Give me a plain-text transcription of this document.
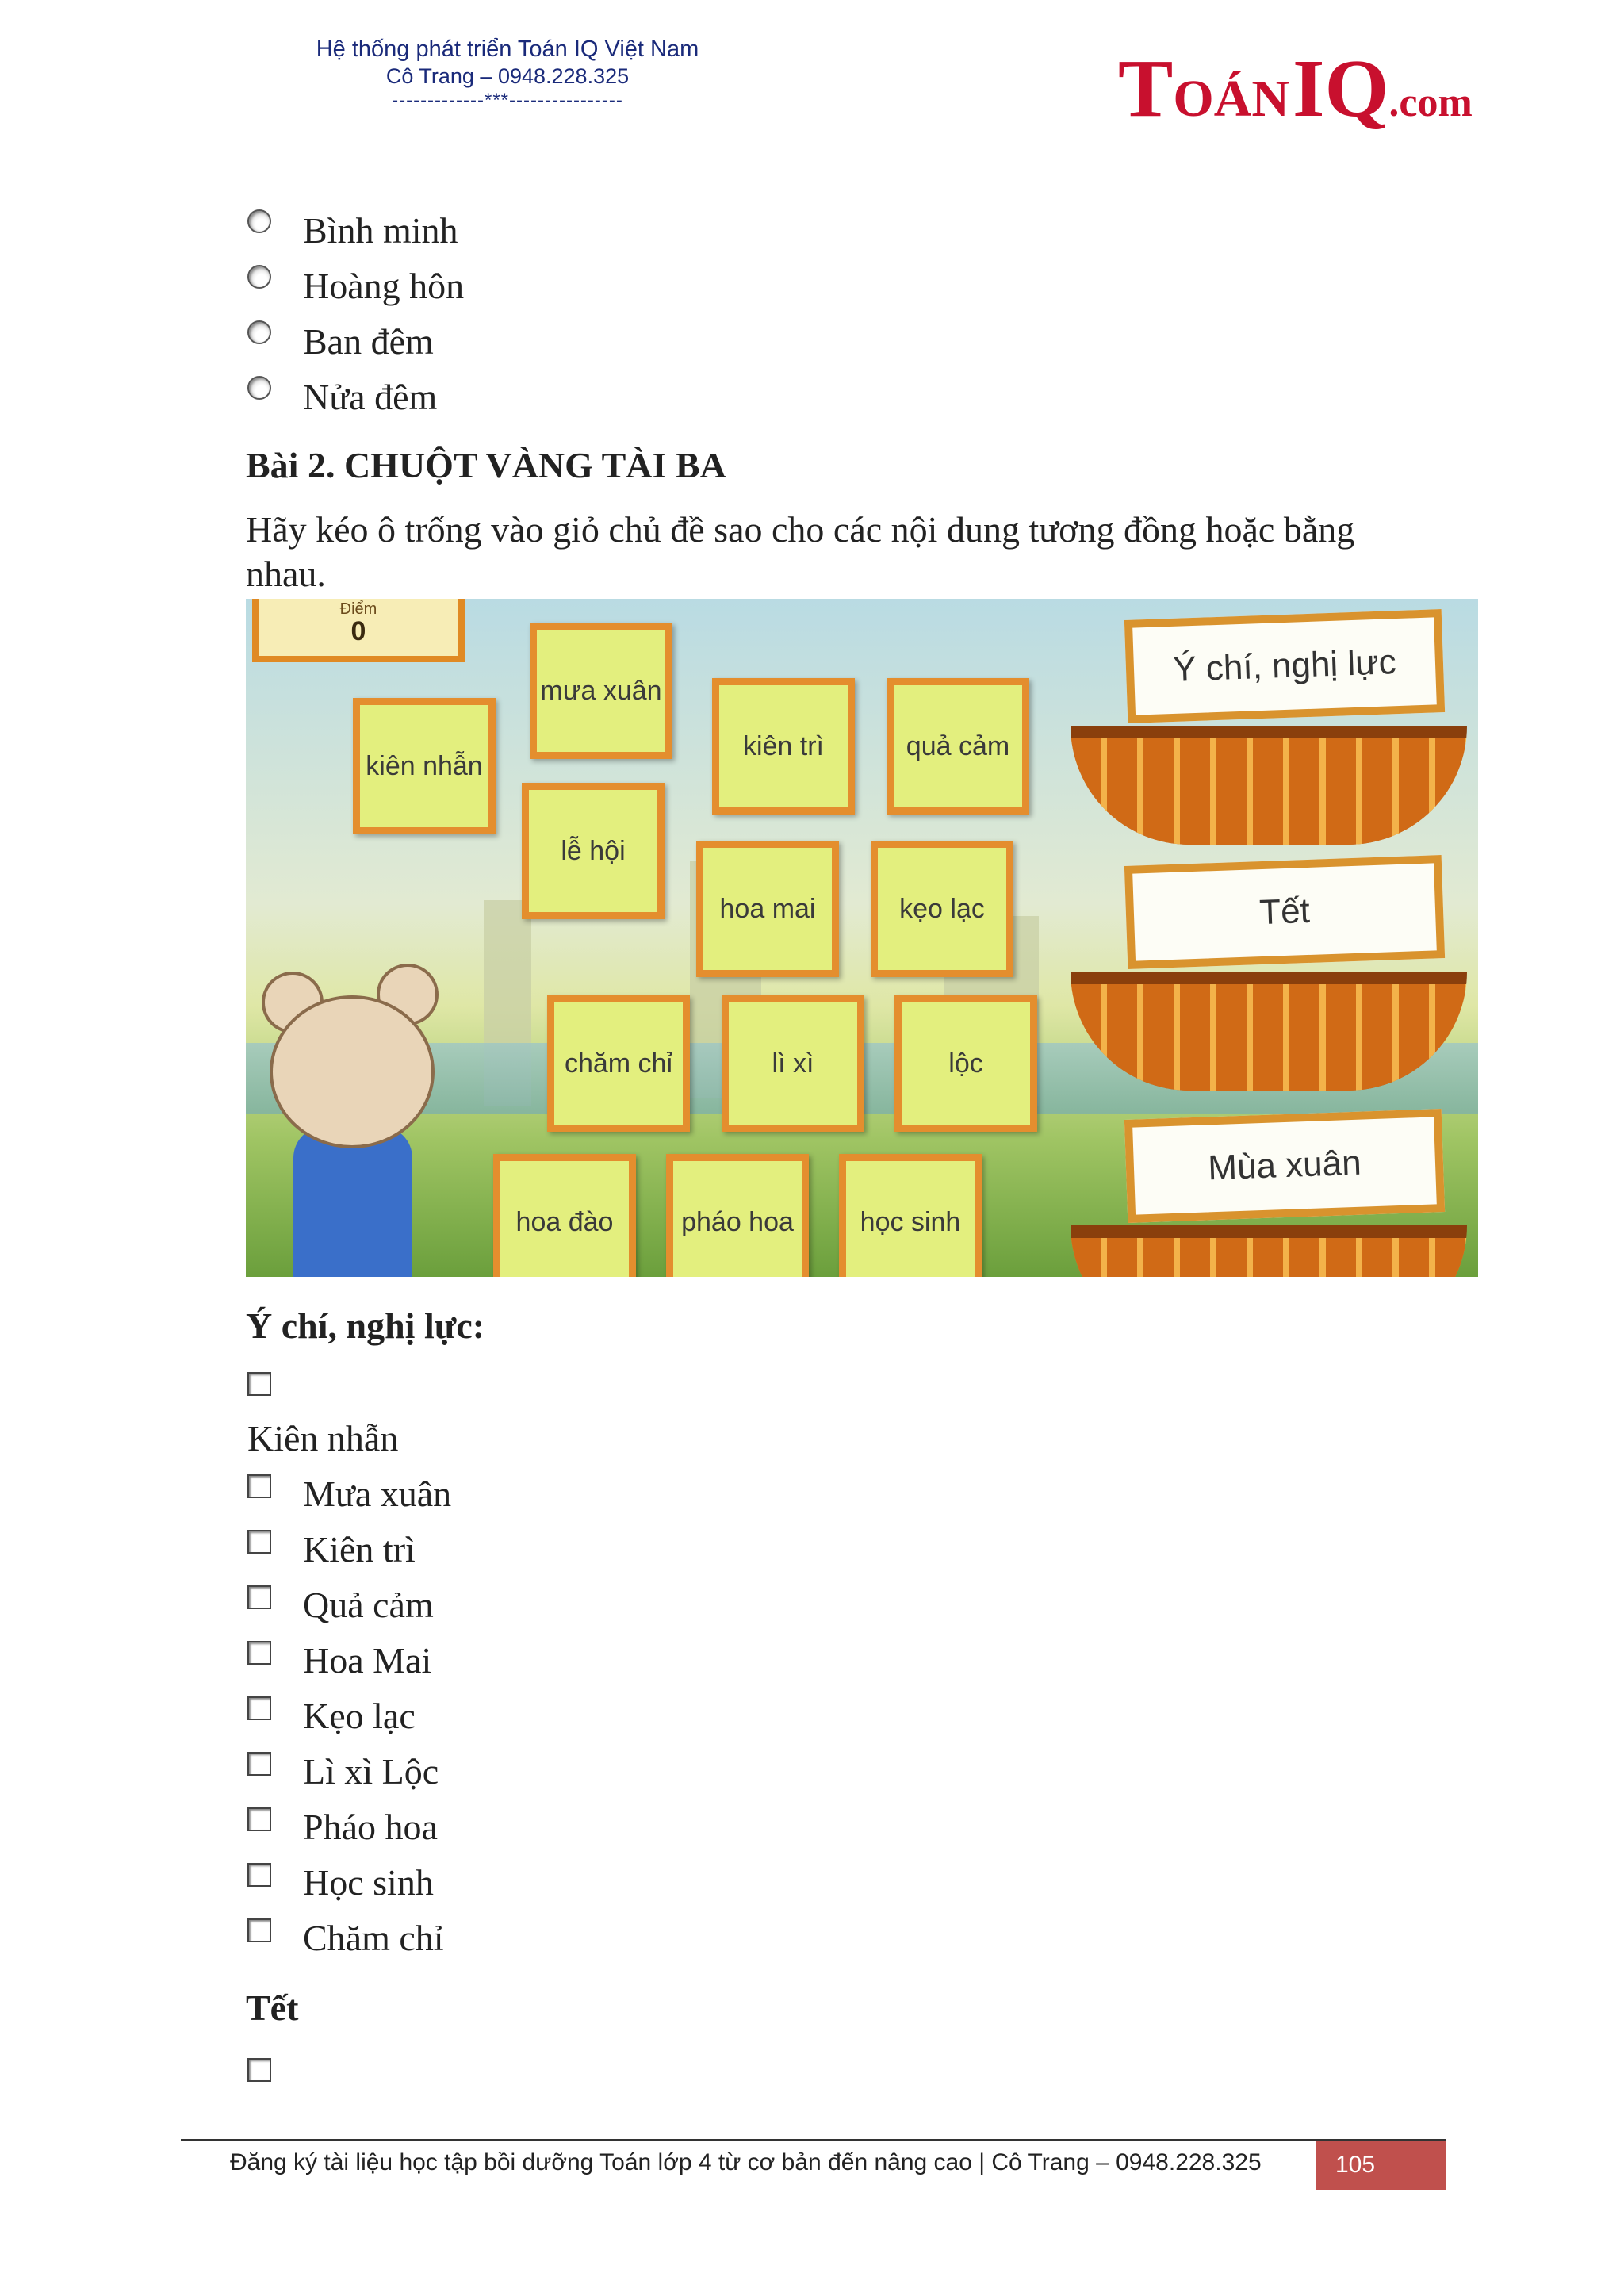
Hệ thống phát triển Toán IQ Việt Nam
Cô Trang – 0948.228.325
-------------***----------------	TOÁN IQ.com
Bình minh
Hoàng hôn
Ban đêm
Nửa đêm
Bài 2. CHUỘT VÀNG TÀI BA
Hãy kéo ô trống vào giỏ chủ đề sao cho các nội dung tương đồng hoặc bằng nhau.
Điểm
0
kiên nhẫn
mưa xuân
kiên trì	quả cảm
lễ hội
hoa mai	kẹo lạc
chăm chỉ	lì xì	lộc
hoa đào	pháo hoa	học sinh
Ý chí, nghị lực
Tết
Mùa xuân
Ý chí, nghị lực:
Kiên nhẫn
Mưa xuân
Kiên trì
Quả cảm
Hoa Mai
Kẹo lạc
Lì xì Lộc
Pháo hoa
Học sinh
Chăm chỉ
Tết
Đăng ký tài liệu học tập bồi dưỡng Toán lớp 4 từ cơ bản đến nâng cao | Cô Trang – 0948.228.325	105
